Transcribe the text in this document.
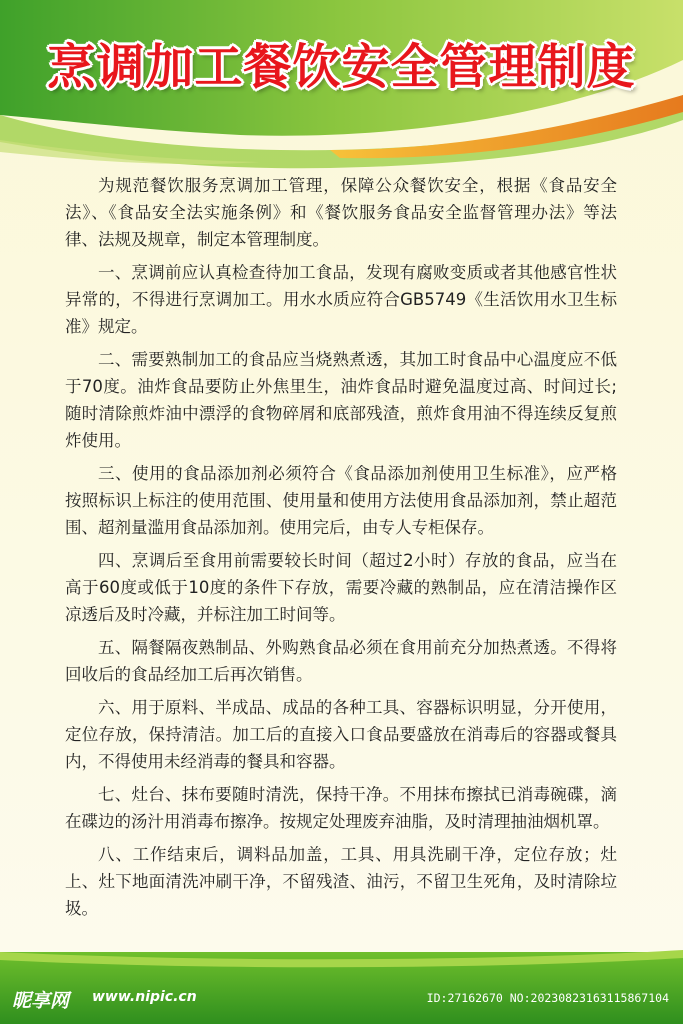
烹调加工餐饮安全管理制度

为规范餐饮服务烹调加工管理，保障公众餐饮安全，根据《食品安全法》、《食品安全法实施条例》和《餐饮服务食品安全监督管理办法》等法律、法规及规章，制定本管理制度。

一、烹调前应认真检查待加工食品，发现有腐败变质或者其他感官性状异常的，不得进行烹调加工。用水水质应符合GB5749《生活饮用水卫生标准》规定。

二、需要熟制加工的食品应当烧熟煮透，其加工时食品中心温度应不低于70度。油炸食品要防止外焦里生，油炸食品时避免温度过高、时间过长;随时清除煎炸油中漂浮的食物碎屑和底部残渣，煎炸食用油不得连续反复煎炸使用。

三、使用的食品添加剂必须符合《食品添加剂使用卫生标准》，应严格按照标识上标注的使用范围、使用量和使用方法使用食品添加剂，禁止超范围、超剂量滥用食品添加剂。使用完后，由专人专柜保存。

四、烹调后至食用前需要较长时间（超过2小时）存放的食品，应当在高于60度或低于10度的条件下存放，需要冷藏的熟制品，应在清洁操作区凉透后及时冷藏，并标注加工时间等。

五、隔餐隔夜熟制品、外购熟食品必须在食用前充分加热煮透。不得将回收后的食品经加工后再次销售。

六、用于原料、半成品、成品的各种工具、容器标识明显，分开使用，定位存放，保持清洁。加工后的直接入口食品要盛放在消毒后的容器或餐具内，不得使用未经消毒的餐具和容器。

七、灶台、抹布要随时清洗，保持干净。不用抹布擦拭已消毒碗碟，滴在碟边的汤汁用消毒布擦净。按规定处理废弃油脂，及时清理抽油烟机罩。

八、工作结束后，调料品加盖，工具、用具洗刷干净，定位存放；灶上、灶下地面清洗冲刷干净，不留残渣、油污，不留卫生死角，及时清除垃圾。

昵享网 www.nipic.cn	ID:27162670 NO:20230823163115867104
